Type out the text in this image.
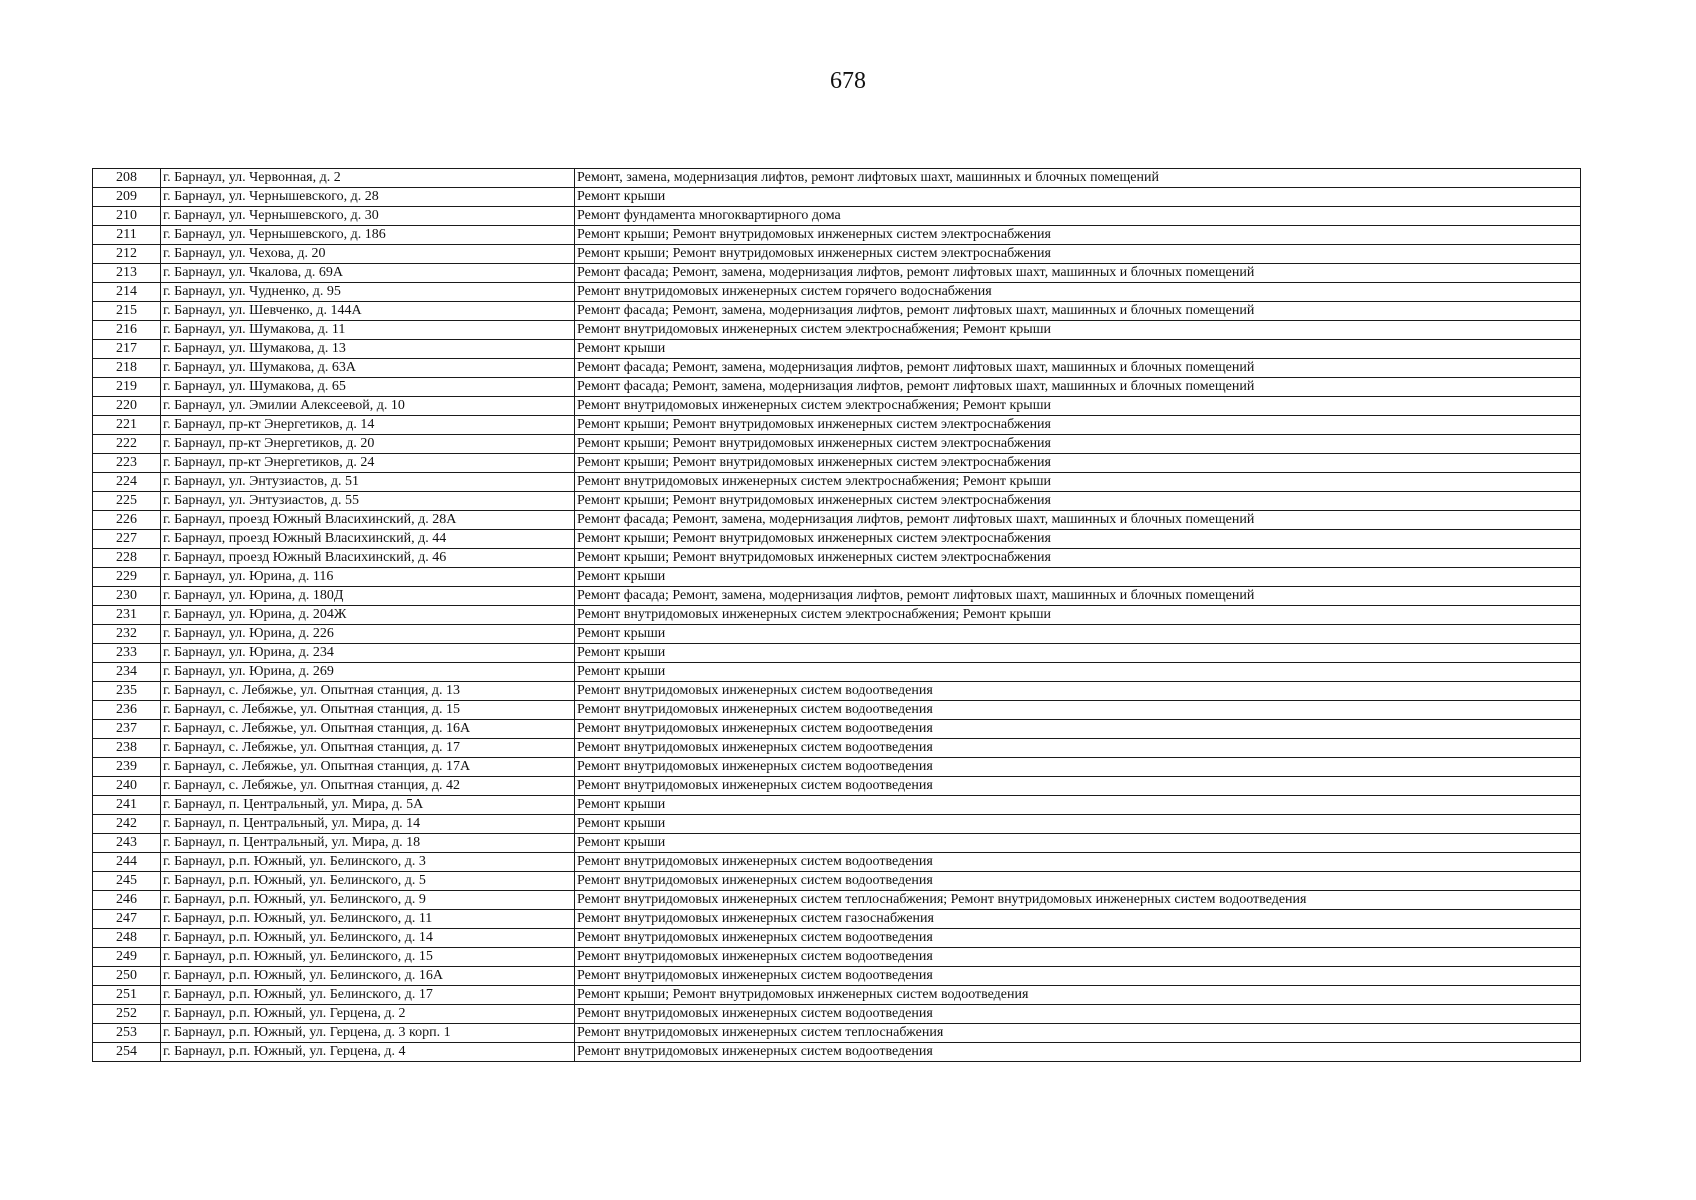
678
208	г. Барнаул, ул. Червонная, д. 2	Ремонт, замена, модернизация лифтов, ремонт лифтовых шахт, машинных и блочных помещений
209	г. Барнаул, ул. Чернышевского, д. 28	Ремонт крыши
210	г. Барнаул, ул. Чернышевского, д. 30	Ремонт фундамента многоквартирного дома
211	г. Барнаул, ул. Чернышевского, д. 186	Ремонт крыши; Ремонт внутридомовых инженерных систем электроснабжения
212	г. Барнаул, ул. Чехова, д. 20	Ремонт крыши; Ремонт внутридомовых инженерных систем электроснабжения
213	г. Барнаул, ул. Чкалова, д. 69А	Ремонт фасада; Ремонт, замена, модернизация лифтов, ремонт лифтовых шахт, машинных и блочных помещений
214	г. Барнаул, ул. Чудненко, д. 95	Ремонт внутридомовых инженерных систем горячего водоснабжения
215	г. Барнаул, ул. Шевченко, д. 144А	Ремонт фасада; Ремонт, замена, модернизация лифтов, ремонт лифтовых шахт, машинных и блочных помещений
216	г. Барнаул, ул. Шумакова, д. 11	Ремонт внутридомовых инженерных систем электроснабжения; Ремонт крыши
217	г. Барнаул, ул. Шумакова, д. 13	Ремонт крыши
218	г. Барнаул, ул. Шумакова, д. 63А	Ремонт фасада; Ремонт, замена, модернизация лифтов, ремонт лифтовых шахт, машинных и блочных помещений
219	г. Барнаул, ул. Шумакова, д. 65	Ремонт фасада; Ремонт, замена, модернизация лифтов, ремонт лифтовых шахт, машинных и блочных помещений
220	г. Барнаул, ул. Эмилии Алексеевой, д. 10	Ремонт внутридомовых инженерных систем электроснабжения; Ремонт крыши
221	г. Барнаул, пр-кт Энергетиков, д. 14	Ремонт крыши; Ремонт внутридомовых инженерных систем электроснабжения
222	г. Барнаул, пр-кт Энергетиков, д. 20	Ремонт крыши; Ремонт внутридомовых инженерных систем электроснабжения
223	г. Барнаул, пр-кт Энергетиков, д. 24	Ремонт крыши; Ремонт внутридомовых инженерных систем электроснабжения
224	г. Барнаул, ул. Энтузиастов, д. 51	Ремонт внутридомовых инженерных систем электроснабжения; Ремонт крыши
225	г. Барнаул, ул. Энтузиастов, д. 55	Ремонт крыши; Ремонт внутридомовых инженерных систем электроснабжения
226	г. Барнаул, проезд Южный Власихинский, д. 28А	Ремонт фасада; Ремонт, замена, модернизация лифтов, ремонт лифтовых шахт, машинных и блочных помещений
227	г. Барнаул, проезд Южный Власихинский, д. 44	Ремонт крыши; Ремонт внутридомовых инженерных систем электроснабжения
228	г. Барнаул, проезд Южный Власихинский, д. 46	Ремонт крыши; Ремонт внутридомовых инженерных систем электроснабжения
229	г. Барнаул, ул. Юрина, д. 116	Ремонт крыши
230	г. Барнаул, ул. Юрина, д. 180Д	Ремонт фасада; Ремонт, замена, модернизация лифтов, ремонт лифтовых шахт, машинных и блочных помещений
231	г. Барнаул, ул. Юрина, д. 204Ж	Ремонт внутридомовых инженерных систем электроснабжения; Ремонт крыши
232	г. Барнаул, ул. Юрина, д. 226	Ремонт крыши
233	г. Барнаул, ул. Юрина, д. 234	Ремонт крыши
234	г. Барнаул, ул. Юрина, д. 269	Ремонт крыши
235	г. Барнаул, с. Лебяжье, ул. Опытная станция, д. 13	Ремонт внутридомовых инженерных систем водоотведения
236	г. Барнаул, с. Лебяжье, ул. Опытная станция, д. 15	Ремонт внутридомовых инженерных систем водоотведения
237	г. Барнаул, с. Лебяжье, ул. Опытная станция, д. 16А	Ремонт внутридомовых инженерных систем водоотведения
238	г. Барнаул, с. Лебяжье, ул. Опытная станция, д. 17	Ремонт внутридомовых инженерных систем водоотведения
239	г. Барнаул, с. Лебяжье, ул. Опытная станция, д. 17А	Ремонт внутридомовых инженерных систем водоотведения
240	г. Барнаул, с. Лебяжье, ул. Опытная станция, д. 42	Ремонт внутридомовых инженерных систем водоотведения
241	г. Барнаул, п. Центральный, ул. Мира, д. 5А	Ремонт крыши
242	г. Барнаул, п. Центральный, ул. Мира, д. 14	Ремонт крыши
243	г. Барнаул, п. Центральный, ул. Мира, д. 18	Ремонт крыши
244	г. Барнаул, р.п. Южный, ул. Белинского, д. 3	Ремонт внутридомовых инженерных систем водоотведения
245	г. Барнаул, р.п. Южный, ул. Белинского, д. 5	Ремонт внутридомовых инженерных систем водоотведения
246	г. Барнаул, р.п. Южный, ул. Белинского, д. 9	Ремонт внутридомовых инженерных систем теплоснабжения; Ремонт внутридомовых инженерных систем водоотведения
247	г. Барнаул, р.п. Южный, ул. Белинского, д. 11	Ремонт внутридомовых инженерных систем газоснабжения
248	г. Барнаул, р.п. Южный, ул. Белинского, д. 14	Ремонт внутридомовых инженерных систем водоотведения
249	г. Барнаул, р.п. Южный, ул. Белинского, д. 15	Ремонт внутридомовых инженерных систем водоотведения
250	г. Барнаул, р.п. Южный, ул. Белинского, д. 16А	Ремонт внутридомовых инженерных систем водоотведения
251	г. Барнаул, р.п. Южный, ул. Белинского, д. 17	Ремонт крыши; Ремонт внутридомовых инженерных систем водоотведения
252	г. Барнаул, р.п. Южный, ул. Герцена, д. 2	Ремонт внутридомовых инженерных систем водоотведения
253	г. Барнаул, р.п. Южный, ул. Герцена, д. 3 корп. 1	Ремонт внутридомовых инженерных систем теплоснабжения
254	г. Барнаул, р.п. Южный, ул. Герцена, д. 4	Ремонт внутридомовых инженерных систем водоотведения
